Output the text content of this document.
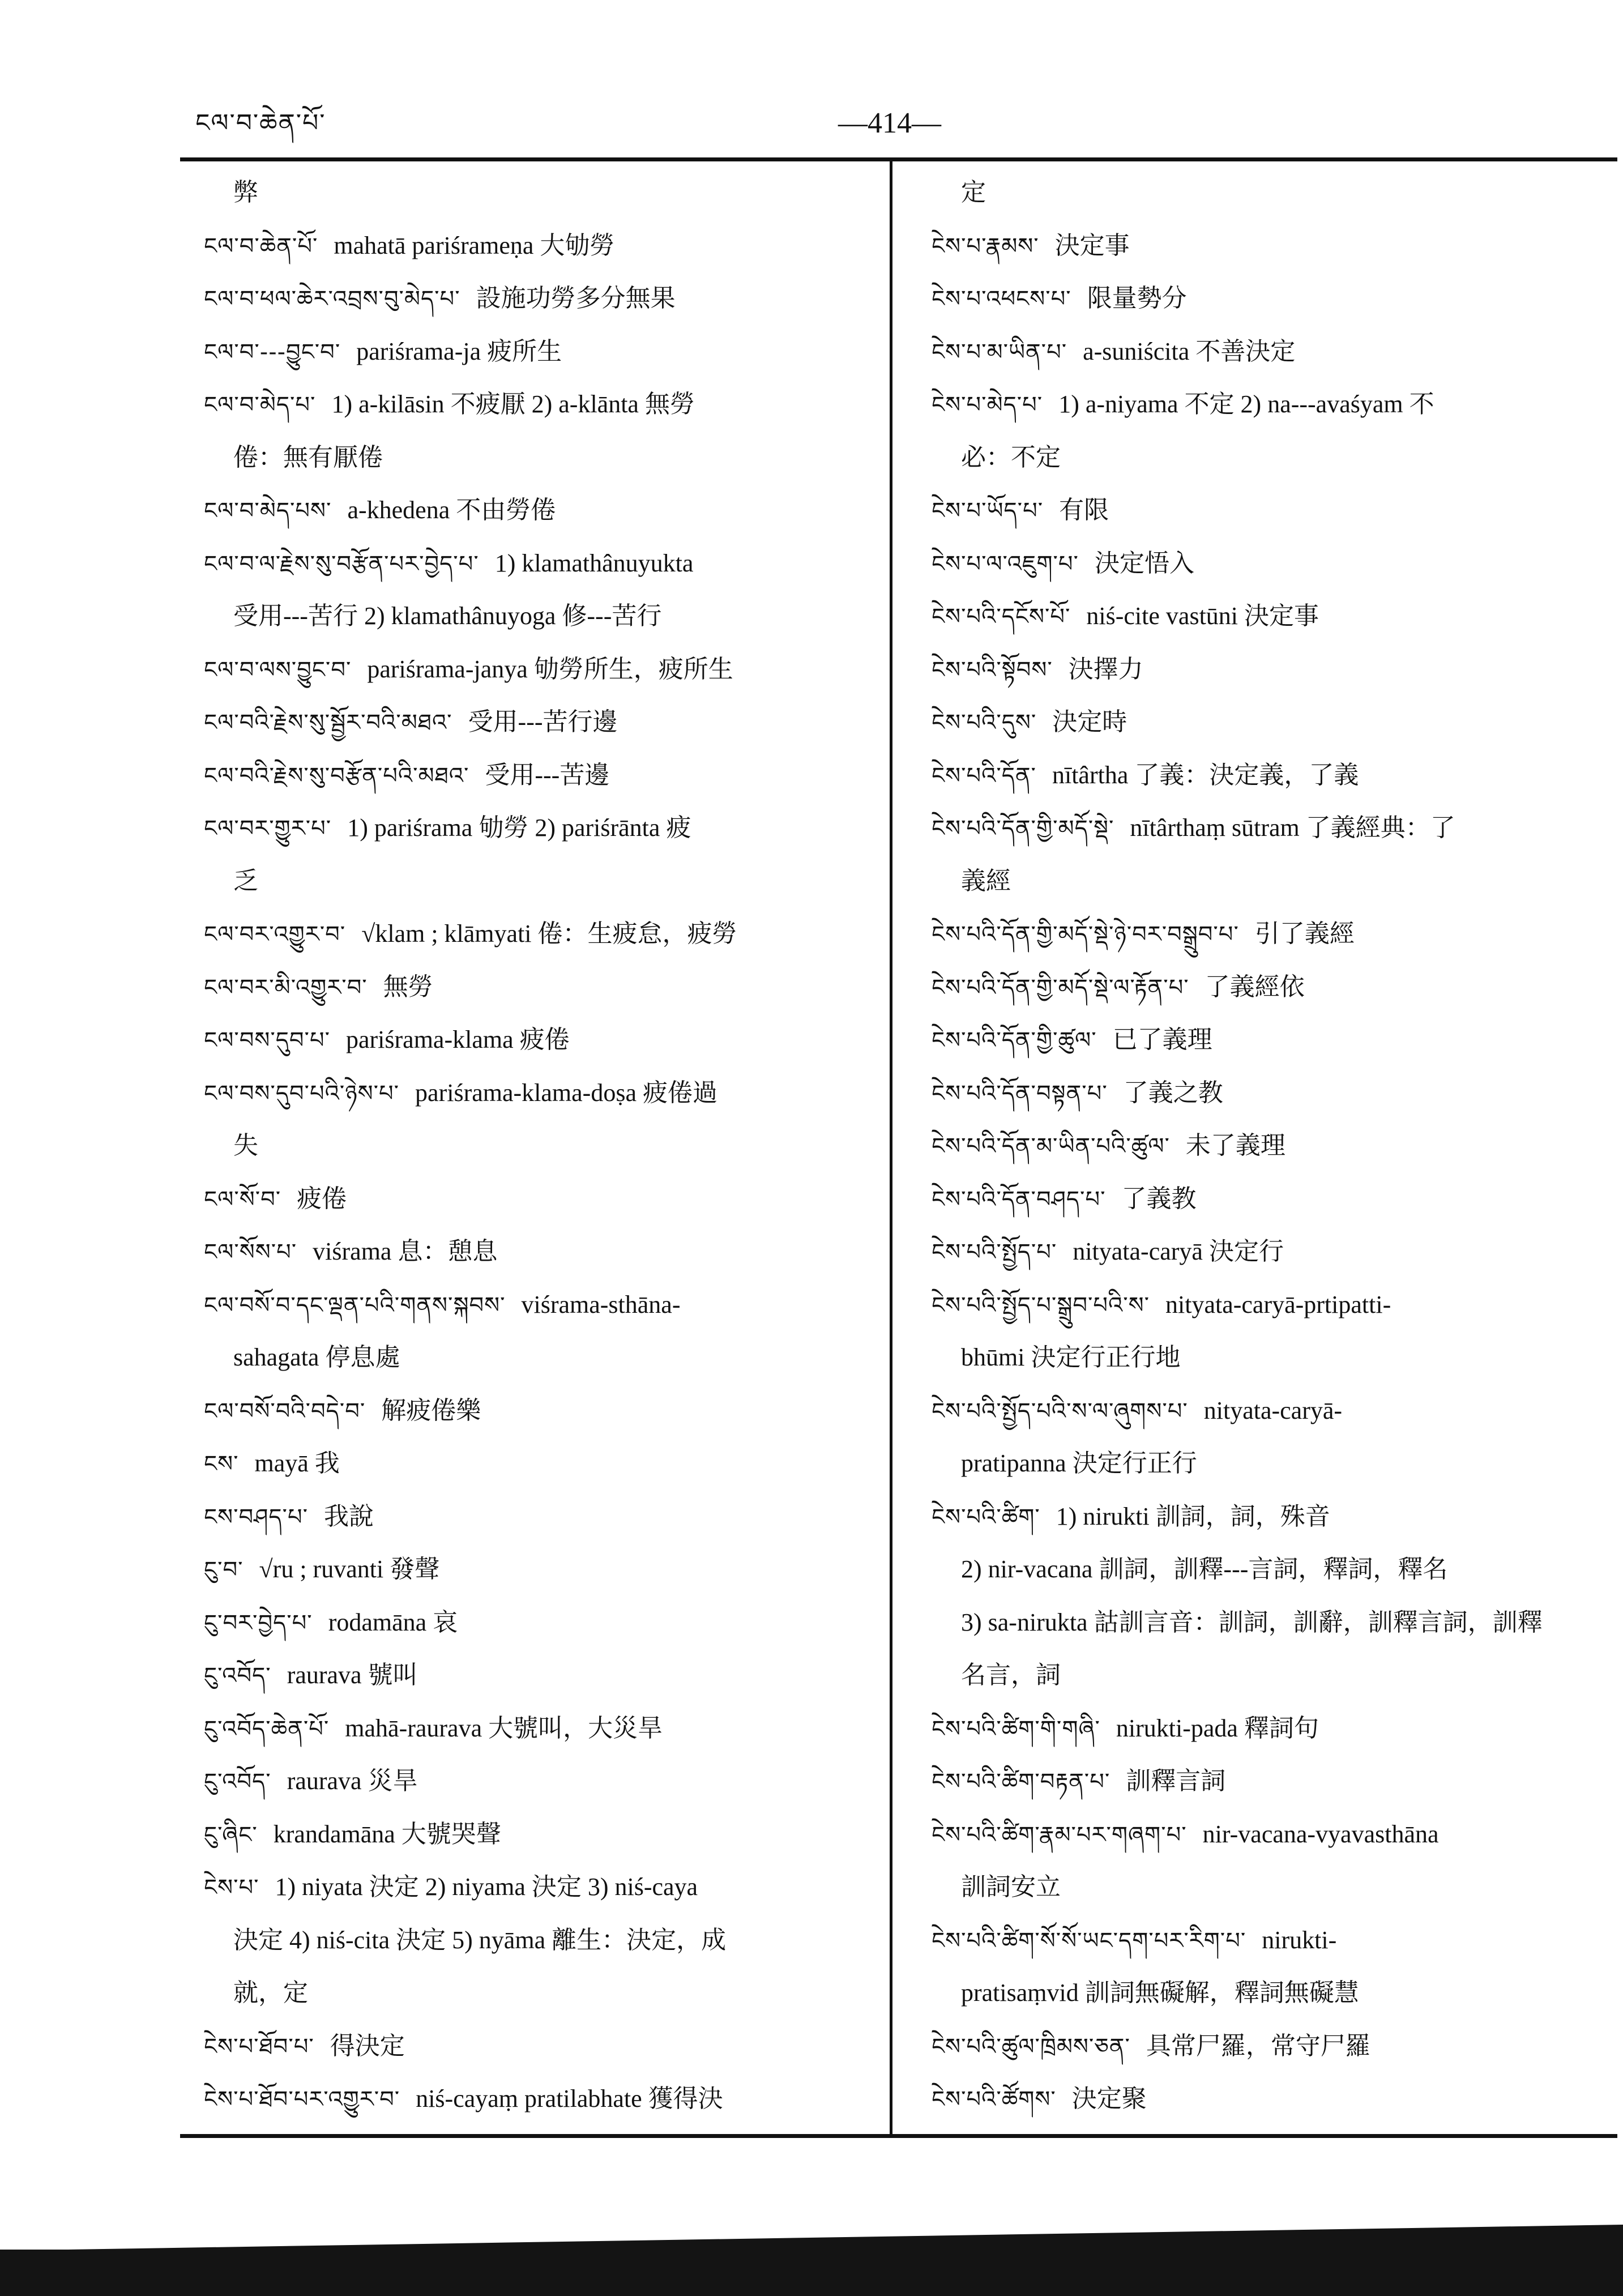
ངལ་བ་ཆེན་པོ་	—414—
弊
ངལ་བ་ཆེན་པོ་ mahatā pariśrameṇa 大劬勞
ངལ་བ་ཕལ་ཆེར་འབྲས་བུ་མེད་པ་ 設施功勞多分無果
ངལ་བ་---བྱུང་བ་ pariśrama-ja 疲所生
ངལ་བ་མེད་པ་ 1) a-kilāsin 不疲厭 2) a-klānta 無勞
倦：無有厭倦
ངལ་བ་མེད་པས་ a-khedena 不由勞倦
ངལ་བ་ལ་རྗེས་སུ་བརྩོན་པར་བྱེད་པ་ 1) klamathânuyukta
受用---苦行 2) klamathânuyoga 修---苦行
ངལ་བ་ལས་བྱུང་བ་ pariśrama-janya 劬勞所生，疲所生
ངལ་བའི་རྗེས་སུ་སྦྱོར་བའི་མཐའ་ 受用---苦行邊
ངལ་བའི་རྗེས་སུ་བརྩོན་པའི་མཐའ་ 受用---苦邊
ངལ་བར་གྱུར་པ་ 1) pariśrama 劬勞 2) pariśrānta 疲
乏
ངལ་བར་འགྱུར་བ་ √klam ; klāmyati 倦：生疲怠，疲勞
ངལ་བར་མི་འགྱུར་བ་ 無勞
ངལ་བས་དུབ་པ་ pariśrama-klama 疲倦
ངལ་བས་དུབ་པའི་ཉེས་པ་ pariśrama-klama-doṣa 疲倦過
失
ངལ་སོ་བ་ 疲倦
ངལ་སོས་པ་ viśrama 息：憩息
ངལ་བསོ་བ་དང་ལྡན་པའི་གནས་སྐབས་ viśrama-sthāna-
sahagata 停息處
ངལ་བསོ་བའི་བདེ་བ་ 解疲倦樂
ངས་ mayā 我
ངས་བཤད་པ་ 我說
ངུ་བ་ √ru ; ruvanti 發聲
ངུ་བར་བྱེད་པ་ rodamāna 哀
ངུ་འབོད་ raurava 號叫
ངུ་འབོད་ཆེན་པོ་ mahā-raurava 大號叫，大災旱
ངུ་འབོད་ raurava 災旱
ངུ་ཞིང་ krandamāna 大號哭聲
ངེས་པ་ 1) niyata 決定 2) niyama 決定 3) niś-caya
決定 4) niś-cita 決定 5) nyāma 離生：決定，成
就，定
ངེས་པ་ཐོབ་པ་ 得決定
ངེས་པ་ཐོབ་པར་འགྱུར་བ་ niś-cayaṃ pratilabhate 獲得決
定
ངེས་པ་རྣམས་ 決定事
ངེས་པ་འཕངས་པ་ 限量勢分
ངེས་པ་མ་ཡིན་པ་ a-suniścita 不善決定
ངེས་པ་མེད་པ་ 1) a-niyama 不定 2) na---avaśyam 不
必：不定
ངེས་པ་ཡོད་པ་ 有限
ངེས་པ་ལ་འཇུག་པ་ 決定悟入
ངེས་པའི་དངོས་པོ་ niś-cite vastūni 決定事
ངེས་པའི་སྟོབས་ 決擇力
ངེས་པའི་དུས་ 決定時
ངེས་པའི་དོན་ nītârtha 了義：決定義，了義
ངེས་པའི་དོན་གྱི་མདོ་སྡེ་ nītârthaṃ sūtram 了義經典：了
義經
ངེས་པའི་དོན་གྱི་མདོ་སྡེ་ཉེ་བར་བསྒྲུབ་པ་ 引了義經
ངེས་པའི་དོན་གྱི་མདོ་སྡེ་ལ་རྟོན་པ་ 了義經依
ངེས་པའི་དོན་གྱི་ཚུལ་ 已了義理
ངེས་པའི་དོན་བསྟན་པ་ 了義之教
ངེས་པའི་དོན་མ་ཡིན་པའི་ཚུལ་ 未了義理
ངེས་པའི་དོན་བཤད་པ་ 了義教
ངེས་པའི་སྤྱོད་པ་ nityata-caryā 決定行
ངེས་པའི་སྤྱོད་པ་སྒྲུབ་པའི་ས་ nityata-caryā-prtipatti-
bhūmi 決定行正行地
ངེས་པའི་སྤྱོད་པའི་ས་ལ་ཞུགས་པ་ nityata-caryā-
pratipanna 決定行正行
ངེས་པའི་ཚིག་ 1) nirukti 訓詞，詞，殊音
2) nir-vacana 訓詞，訓釋---言詞，釋詞，釋名
3) sa-nirukta 詁訓言音：訓詞，訓辭，訓釋言詞，訓釋
名言，詞
ངེས་པའི་ཚིག་གི་གཞི་ nirukti-pada 釋詞句
ངེས་པའི་ཚིག་བརྟན་པ་ 訓釋言詞
ངེས་པའི་ཚིག་རྣམ་པར་གཞག་པ་ nir-vacana-vyavasthāna
訓詞安立
ངེས་པའི་ཚིག་སོ་སོ་ཡང་དག་པར་རིག་པ་ nirukti-
pratisaṃvid 訓詞無礙解，釋詞無礙慧
ངེས་པའི་ཚུལ་ཁྲིམས་ཅན་ 具常尸羅，常守尸羅
ངེས་པའི་ཚོགས་ 決定聚
